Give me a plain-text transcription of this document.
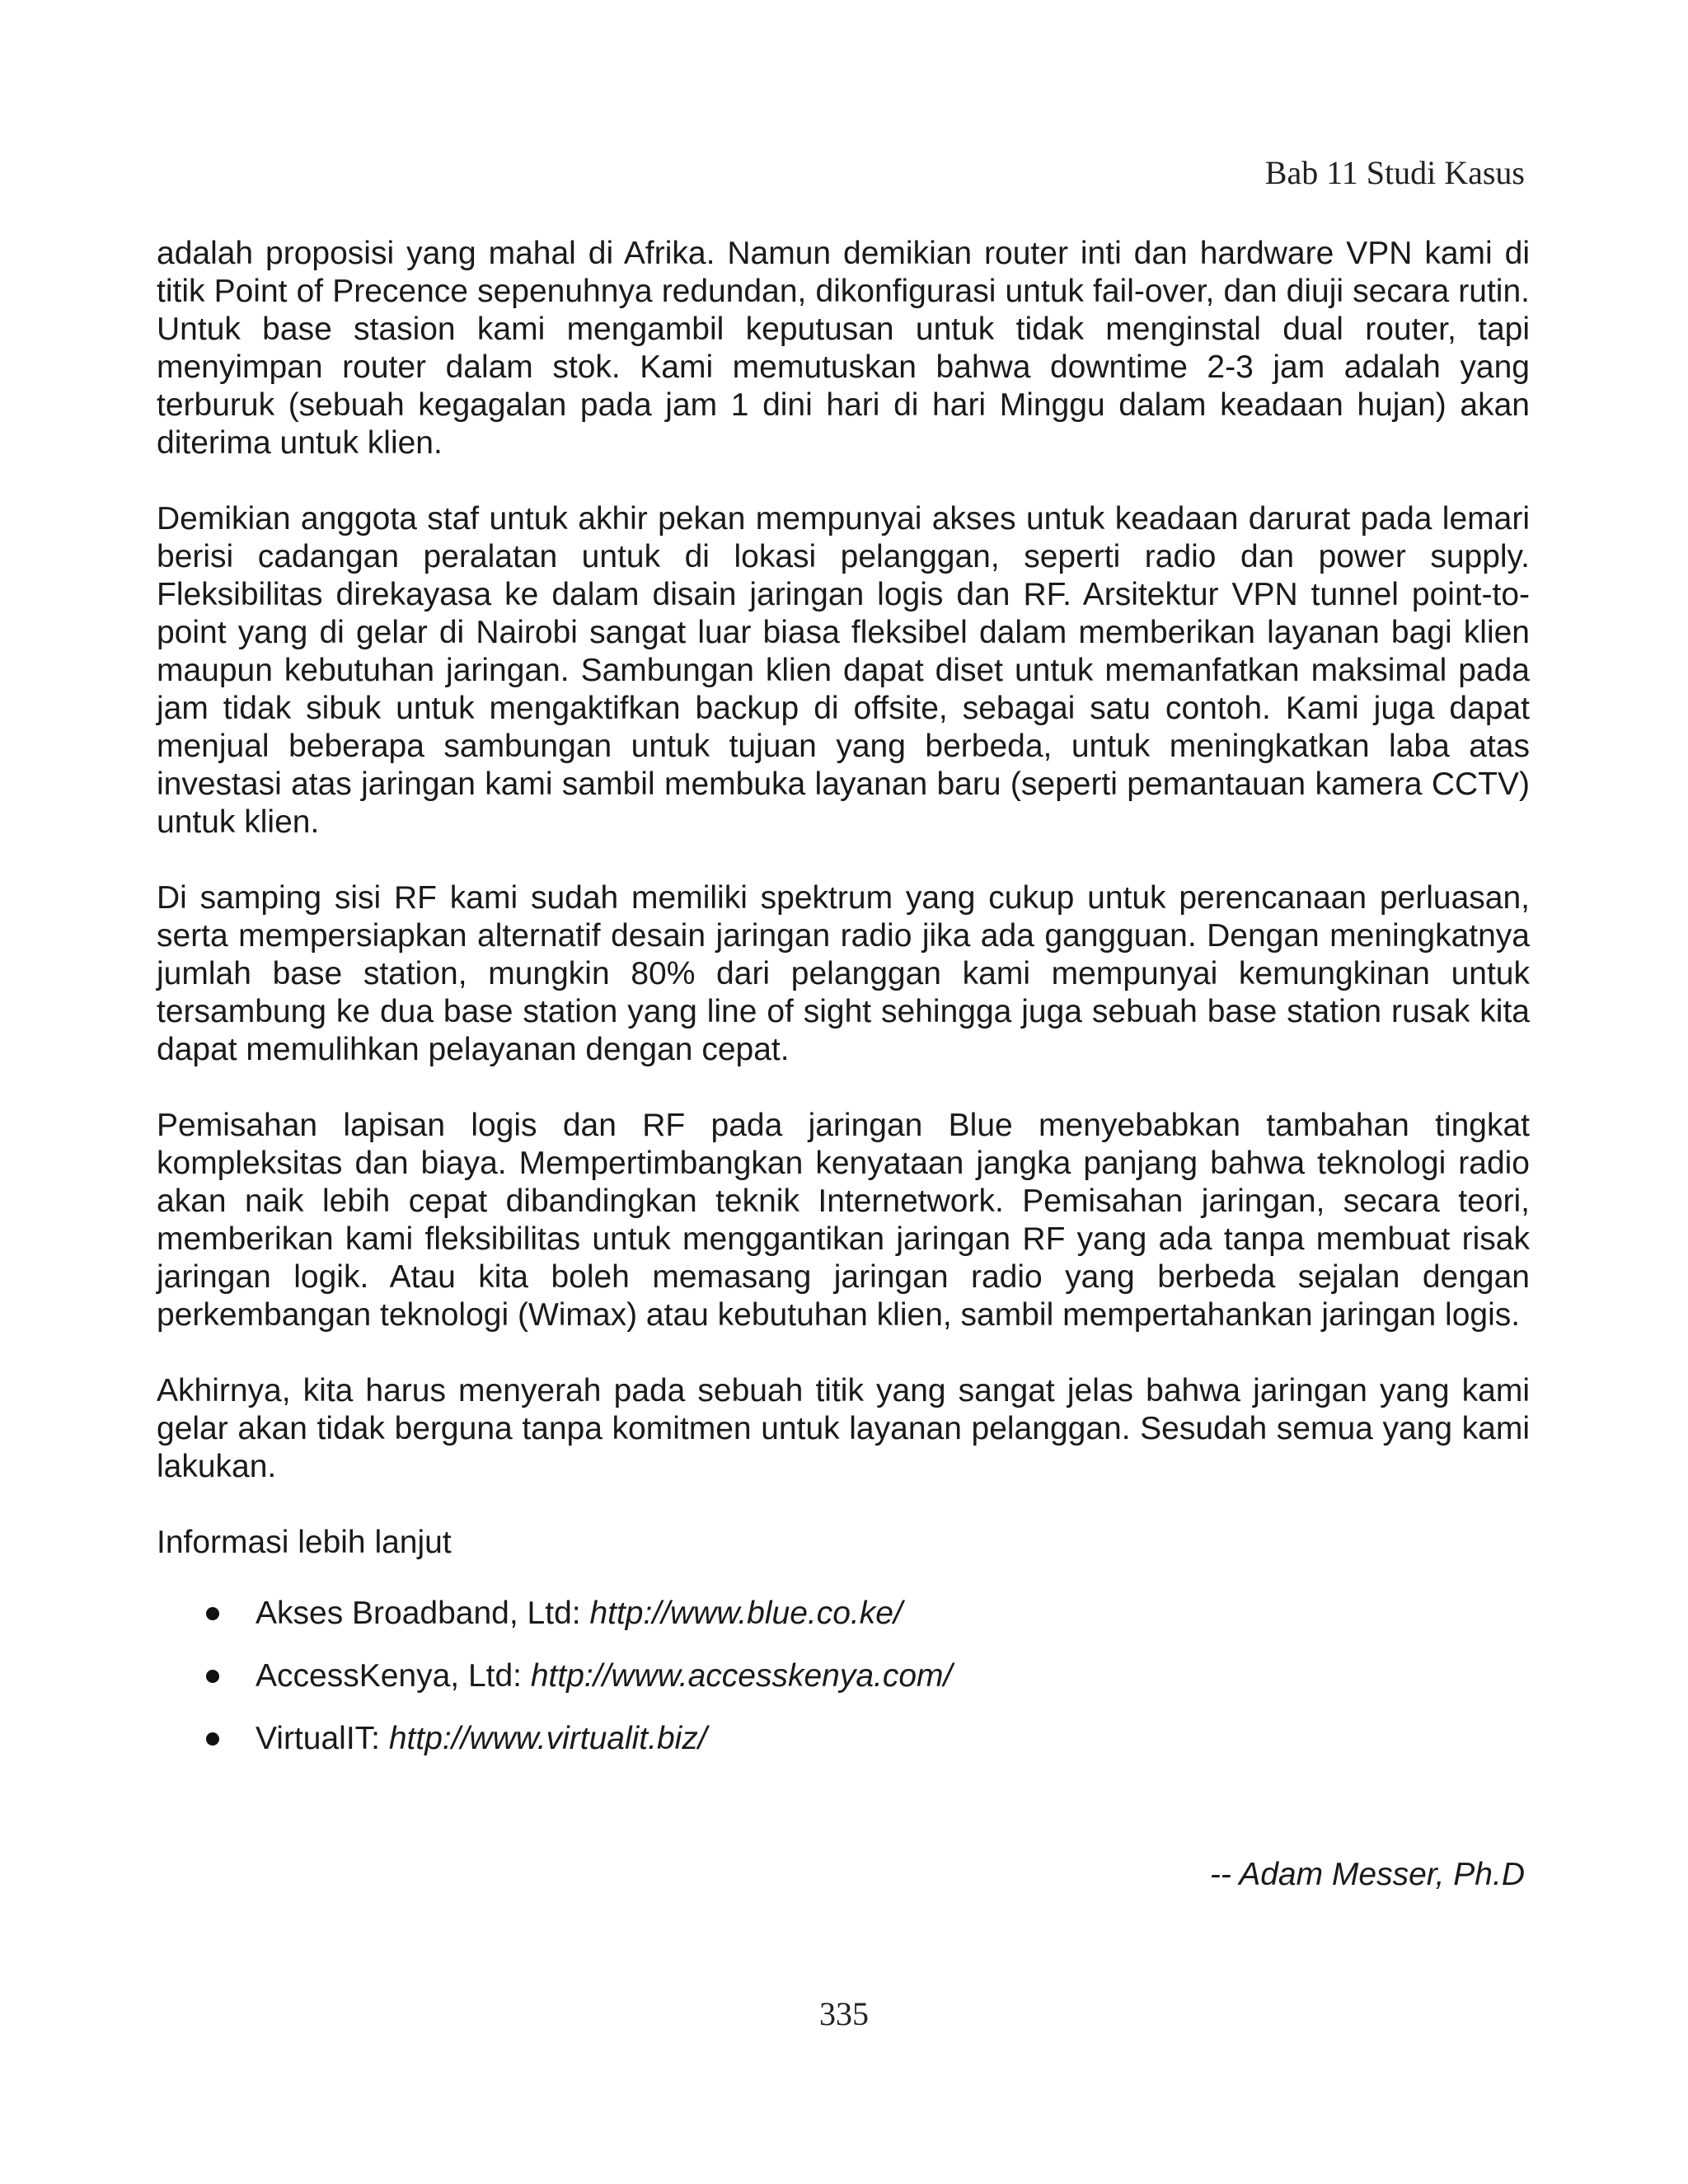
Bab 11 Studi Kasus

adalah proposisi yang mahal di Afrika. Namun demikian router inti dan hardware VPN kami di titik Point of Precence sepenuhnya redundan, dikonfigurasi untuk fail-over, dan diuji secara rutin. Untuk base stasion kami mengambil keputusan untuk tidak menginstal dual router, tapi menyimpan router dalam stok. Kami memutuskan bahwa downtime 2-3 jam adalah yang terburuk (sebuah kegagalan pada jam 1 dini hari di hari Minggu dalam keadaan hujan) akan diterima untuk klien.

Demikian anggota staf untuk akhir pekan mempunyai akses untuk keadaan darurat pada lemari berisi cadangan peralatan untuk di lokasi pelanggan, seperti radio dan power supply. Fleksibilitas direkayasa ke dalam disain jaringan logis dan RF. Arsitektur VPN tunnel point-to-point yang di gelar di Nairobi sangat luar biasa fleksibel dalam memberikan layanan bagi klien maupun kebutuhan jaringan. Sambungan klien dapat diset untuk memanfatkan maksimal pada jam tidak sibuk untuk mengaktifkan backup di offsite, sebagai satu contoh. Kami juga dapat menjual beberapa sambungan untuk tujuan yang berbeda, untuk meningkatkan laba atas investasi atas jaringan kami sambil membuka layanan baru (seperti pemantauan kamera CCTV) untuk klien.

Di samping sisi RF kami sudah memiliki spektrum yang cukup untuk perencanaan perluasan, serta mempersiapkan alternatif desain jaringan radio jika ada gangguan. Dengan meningkatnya jumlah base station, mungkin 80% dari pelanggan kami mempunyai kemungkinan untuk tersambung ke dua base station yang line of sight sehingga juga sebuah base station rusak kita dapat memulihkan pelayanan dengan cepat.

Pemisahan lapisan logis dan RF pada jaringan Blue menyebabkan tambahan tingkat kompleksitas dan biaya. Mempertimbangkan kenyataan jangka panjang bahwa teknologi radio akan naik lebih cepat dibandingkan teknik Internetwork. Pemisahan jaringan, secara teori, memberikan kami fleksibilitas untuk menggantikan jaringan RF yang ada tanpa membuat risak jaringan logik. Atau kita boleh memasang jaringan radio yang berbeda sejalan dengan perkembangan teknologi (Wimax) atau kebutuhan klien, sambil mempertahankan jaringan logis.

Akhirnya, kita harus menyerah pada sebuah titik yang sangat jelas bahwa jaringan yang kami gelar akan tidak berguna tanpa komitmen untuk layanan pelanggan. Sesudah semua yang kami lakukan.

Informasi lebih lanjut

Akses Broadband, Ltd: http://www.blue.co.ke/
AccessKenya, Ltd: http://www.accesskenya.com/
VirtualIT: http://www.virtualit.biz/
-- Adam Messer, Ph.D
335
